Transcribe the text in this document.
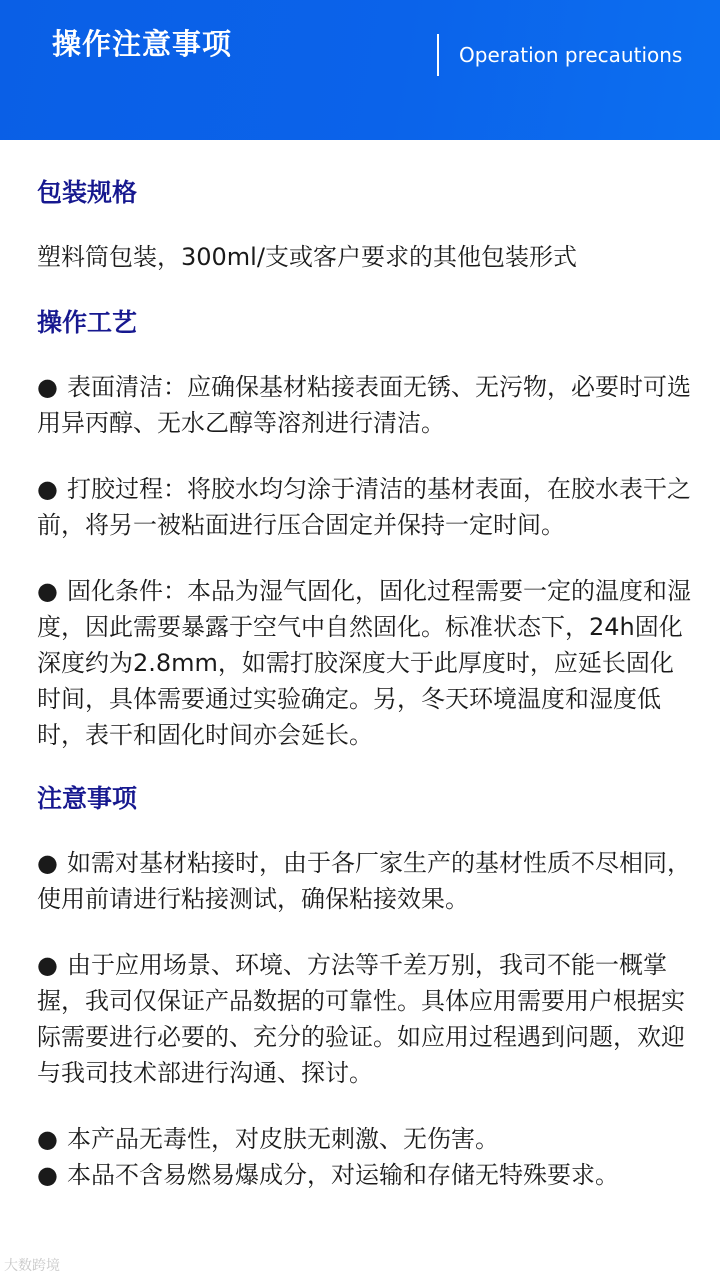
操作注意事项	Operation precautions

包装规格

塑料筒包装，300ml/支或客户要求的其他包装形式

操作工艺

● 表面清洁：应确保基材粘接表面无锈、无污物，必要时可选用异丙醇、无水乙醇等溶剂进行清洁。

● 打胶过程：将胶水均匀涂于清洁的基材表面，在胶水表干之前，将另一被粘面进行压合固定并保持一定时间。

● 固化条件：本品为湿气固化，固化过程需要一定的温度和湿度，因此需要暴露于空气中自然固化。标准状态下，24h固化深度约为2.8mm，如需打胶深度大于此厚度时，应延长固化时间，具体需要通过实验确定。另，冬天环境温度和湿度低时，表干和固化时间亦会延长。

注意事项

● 如需对基材粘接时，由于各厂家生产的基材性质不尽相同，使用前请进行粘接测试，确保粘接效果。

● 由于应用场景、环境、方法等千差万别，我司不能一概掌握，我司仅保证产品数据的可靠性。具体应用需要用户根据实际需要进行必要的、充分的验证。如应用过程遇到问题，欢迎与我司技术部进行沟通、探讨。

● 本产品无毒性，对皮肤无刺激、无伤害。

● 本品不含易燃易爆成分，对运输和存储无特殊要求。

大数跨境
